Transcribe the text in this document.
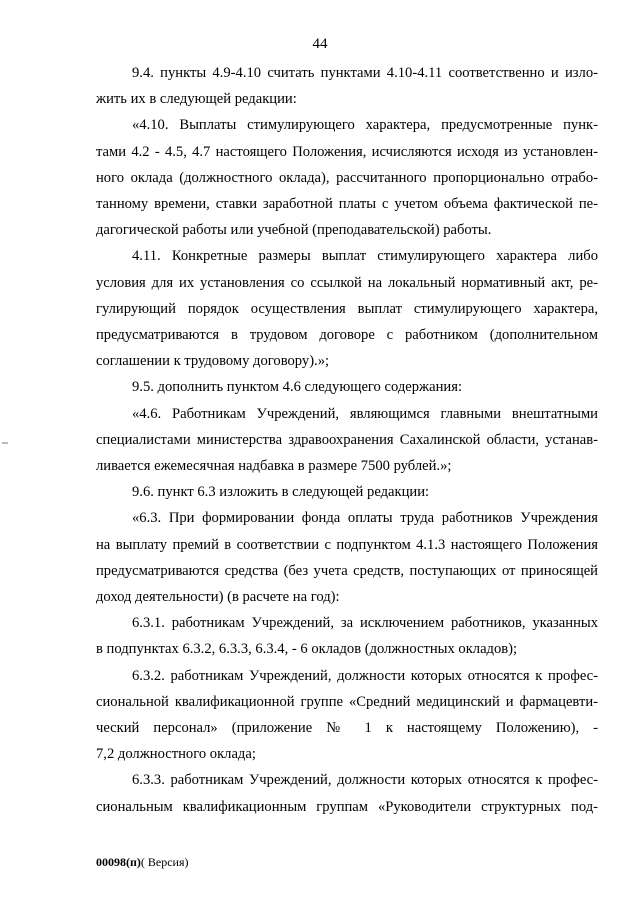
44
9.4. пункты 4.9-4.10 считать пунктами 4.10-4.11 соответственно и изло-
жить их в следующей редакции:
«4.10. Выплаты стимулирующего характера, предусмотренные пунк-
тами 4.2 - 4.5, 4.7 настоящего Положения, исчисляются исходя из установлен-
ного оклада (должностного оклада), рассчитанного пропорционально отрабо-
танному времени, ставки заработной платы с учетом объема фактической пе-
дагогической работы или учебной (преподавательской) работы.
4.11. Конкретные размеры выплат стимулирующего характера либо
условия для их установления со ссылкой на локальный нормативный акт, ре-
гулирующий порядок осуществления выплат стимулирующего характера,
предусматриваются в трудовом договоре с работником (дополнительном
соглашении к трудовому договору).»;
9.5. дополнить пунктом 4.6 следующего содержания:
«4.6. Работникам Учреждений, являющимся главными внештатными
специалистами министерства здравоохранения Сахалинской области, устанав-
ливается ежемесячная надбавка в размере 7500 рублей.»;
9.6. пункт 6.3 изложить в следующей редакции:
«6.3. При формировании фонда оплаты труда работников Учреждения
на выплату премий в соответствии с подпунктом 4.1.3 настоящего Положения
предусматриваются средства (без учета средств, поступающих от приносящей
доход деятельности) (в расчете на год):
6.3.1. работникам Учреждений, за исключением работников, указанных
в подпунктах 6.3.2, 6.3.3, 6.3.4, - 6 окладов (должностных окладов);
6.3.2. работникам Учреждений, должности которых относятся к профес-
сиональной квалификационной группе «Средний медицинский и фармацевти-
ческий персонал» (приложение № 1 к настоящему Положению), -
7,2 должностного оклада;
6.3.3. работникам Учреждений, должности которых относятся к профес-
сиональным квалификационным группам «Руководители структурных под-
00098(п)( Версия)
